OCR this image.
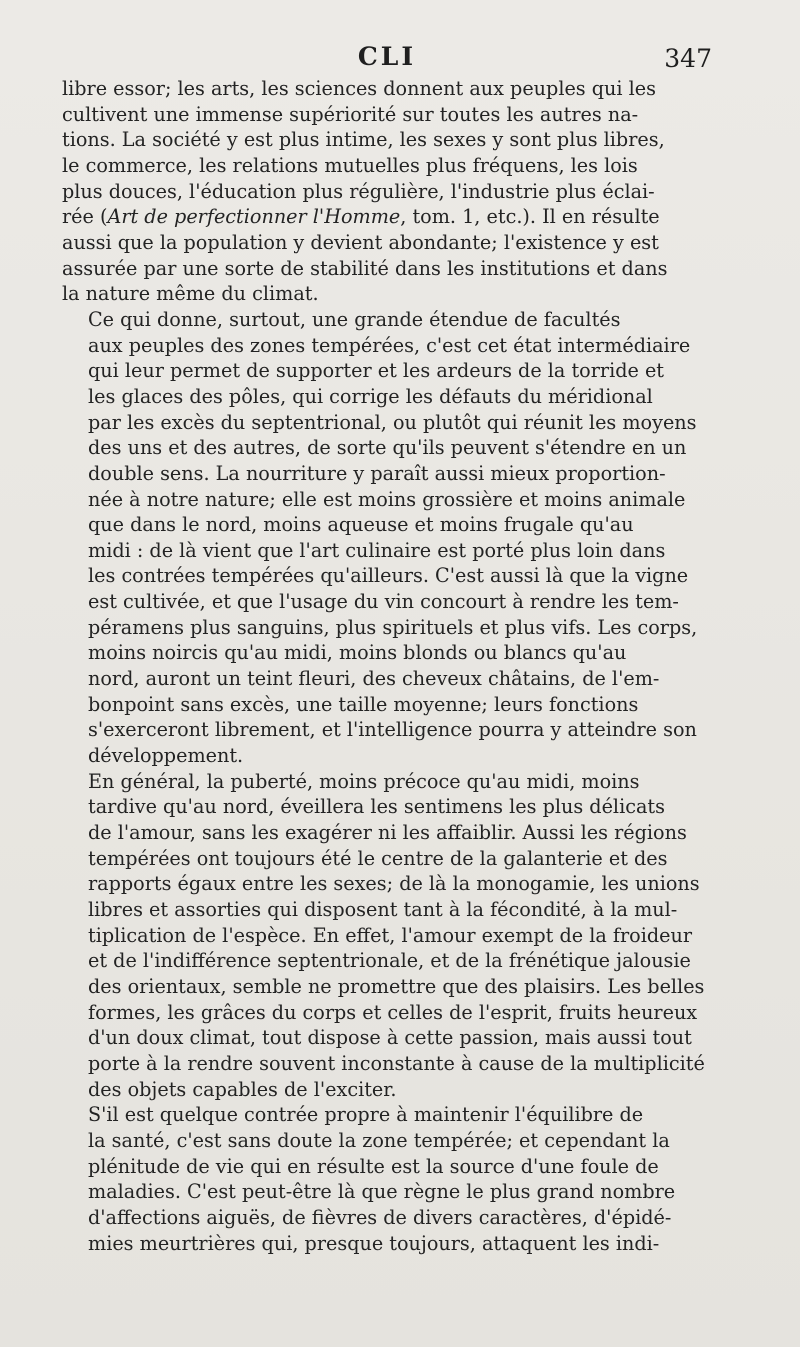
CLI	347
libre essor; les arts, les sciences donnent aux peuples qui les
cultivent une immense supériorité sur toutes les autres na-
tions. La société y est plus intime, les sexes y sont plus libres,
le commerce, les relations mutuelles plus fréquens, les lois
plus douces, l'éducation plus régulière, l'industrie plus éclai-
rée (Art de perfectionner l'Homme, tom. 1, etc.). Il en résulte
aussi que la population y devient abondante; l'existence y est
assurée par une sorte de stabilité dans les institutions et dans
la nature même du climat.
Ce qui donne, surtout, une grande étendue de facultés
aux peuples des zones tempérées, c'est cet état intermédiaire
qui leur permet de supporter et les ardeurs de la torride et
les glaces des pôles, qui corrige les défauts du méridional
par les excès du septentrional, ou plutôt qui réunit les moyens
des uns et des autres, de sorte qu'ils peuvent s'étendre en un
double sens. La nourriture y paraît aussi mieux proportion-
née à notre nature; elle est moins grossière et moins animale
que dans le nord, moins aqueuse et moins frugale qu'au
midi : de là vient que l'art culinaire est porté plus loin dans
les contrées tempérées qu'ailleurs. C'est aussi là que la vigne
est cultivée, et que l'usage du vin concourt à rendre les tem-
péramens plus sanguins, plus spirituels et plus vifs. Les corps,
moins noircis qu'au midi, moins blonds ou blancs qu'au
nord, auront un teint fleuri, des cheveux châtains, de l'em-
bonpoint sans excès, une taille moyenne; leurs fonctions
s'exerceront librement, et l'intelligence pourra y atteindre son
développement.
En général, la puberté, moins précoce qu'au midi, moins
tardive qu'au nord, éveillera les sentimens les plus délicats
de l'amour, sans les exagérer ni les affaiblir. Aussi les régions
tempérées ont toujours été le centre de la galanterie et des
rapports égaux entre les sexes; de là la monogamie, les unions
libres et assorties qui disposent tant à la fécondité, à la mul-
tiplication de l'espèce. En effet, l'amour exempt de la froideur
et de l'indifférence septentrionale, et de la frénétique jalousie
des orientaux, semble ne promettre que des plaisirs. Les belles
formes, les grâces du corps et celles de l'esprit, fruits heureux
d'un doux climat, tout dispose à cette passion, mais aussi tout
porte à la rendre souvent inconstante à cause de la multiplicité
des objets capables de l'exciter.
S'il est quelque contrée propre à maintenir l'équilibre de
la santé, c'est sans doute la zone tempérée; et cependant la
plénitude de vie qui en résulte est la source d'une foule de
maladies. C'est peut-être là que règne le plus grand nombre
d'affections aiguës, de fièvres de divers caractères, d'épidé-
mies meurtrières qui, presque toujours, attaquent les indi-
